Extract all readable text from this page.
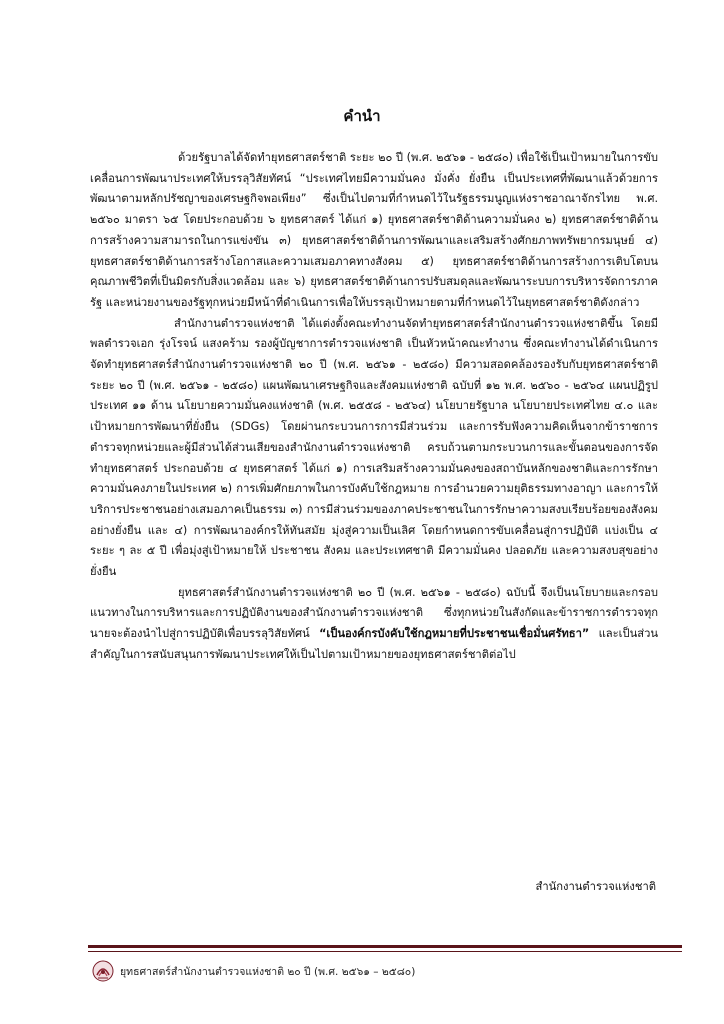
คำนำ

ด้วยรัฐบาลได้จัดทำยุทธศาสตร์ชาติ ระยะ ๒๐ ปี (พ.ศ. ๒๕๖๑ - ๒๕๘๐) เพื่อใช้เป็นเป้าหมายในการขับเคลื่อนการพัฒนาประเทศให้บรรลุวิสัยทัศน์ “ประเทศไทยมีความมั่นคง มั่งคั่ง ยั่งยืน เป็นประเทศที่พัฒนาแล้วด้วยการพัฒนาตามหลักปรัชญาของเศรษฐกิจพอเพียง” ซึ่งเป็นไปตามที่กำหนดไว้ในรัฐธรรมนูญแห่งราชอาณาจักรไทย พ.ศ. ๒๕๖๐ มาตรา ๖๕ โดยประกอบด้วย ๖ ยุทธศาสตร์ ได้แก่ ๑) ยุทธศาสตร์ชาติด้านความมั่นคง ๒) ยุทธศาสตร์ชาติด้านการสร้างความสามารถในการแข่งขัน ๓) ยุทธศาสตร์ชาติด้านการพัฒนาและเสริมสร้างศักยภาพทรัพยากรมนุษย์ ๔) ยุทธศาสตร์ชาติด้านการสร้างโอกาสและความเสมอภาคทางสังคม ๕) ยุทธศาสตร์ชาติด้านการสร้างการเติบโตบนคุณภาพชีวิตที่เป็นมิตรกับสิ่งแวดล้อม และ ๖) ยุทธศาสตร์ชาติด้านการปรับสมดุลและพัฒนาระบบการบริหารจัดการภาครัฐ และหน่วยงานของรัฐทุกหน่วยมีหน้าที่ดำเนินการเพื่อให้บรรลุเป้าหมายตามที่กำหนดไว้ในยุทธศาสตร์ชาติดังกล่าว

สำนักงานตำรวจแห่งชาติ ได้แต่งตั้งคณะทำงานจัดทำยุทธศาสตร์สำนักงานตำรวจแห่งชาติขึ้น โดยมี พลตำรวจเอก รุ่งโรจน์ แสงคร้าม รองผู้บัญชาการตำรวจแห่งชาติ เป็นหัวหน้าคณะทำงาน ซึ่งคณะทำงานได้ดำเนินการจัดทำยุทธศาสตร์สำนักงานตำรวจแห่งชาติ ๒๐ ปี (พ.ศ. ๒๕๖๑ - ๒๕๘๐) มีความสอดคล้องรองรับกับยุทธศาสตร์ชาติระยะ ๒๐ ปี (พ.ศ. ๒๕๖๑ - ๒๕๘๐) แผนพัฒนาเศรษฐกิจและสังคมแห่งชาติ ฉบับที่ ๑๒ พ.ศ. ๒๕๖๐ - ๒๕๖๔ แผนปฏิรูปประเทศ ๑๑ ด้าน นโยบายความมั่นคงแห่งชาติ (พ.ศ. ๒๕๕๘ - ๒๕๖๔) นโยบายรัฐบาล นโยบายประเทศไทย ๔.๐ และเป้าหมายการพัฒนาที่ยั่งยืน (SDGs) โดยผ่านกระบวนการการมีส่วนร่วม และการรับฟังความคิดเห็นจากข้าราชการตำรวจทุกหน่วยและผู้มีส่วนได้ส่วนเสียของสำนักงานตำรวจแห่งชาติ ครบถ้วนตามกระบวนการและขั้นตอนของการจัดทำยุทธศาสตร์ ประกอบด้วย ๔ ยุทธศาสตร์ ได้แก่ ๑) การเสริมสร้างความมั่นคงของสถาบันหลักของชาติและการรักษาความมั่นคงภายในประเทศ ๒) การเพิ่มศักยภาพในการบังคับใช้กฎหมาย การอำนวยความยุติธรรมทางอาญา และการให้บริการประชาชนอย่างเสมอภาคเป็นธรรม ๓) การมีส่วนร่วมของภาคประชาชนในการรักษาความสงบเรียบร้อยของสังคมอย่างยั่งยืน และ ๔) การพัฒนาองค์กรให้ทันสมัย มุ่งสู่ความเป็นเลิศ โดยกำหนดการขับเคลื่อนสู่การปฏิบัติ แบ่งเป็น ๔ ระยะ ๆ ละ ๕ ปี เพื่อมุ่งสู่เป้าหมายให้ ประชาชน สังคม และประเทศชาติ มีความมั่นคง ปลอดภัย และความสงบสุขอย่างยั่งยืน

ยุทธศาสตร์สำนักงานตำรวจแห่งชาติ ๒๐ ปี (พ.ศ. ๒๕๖๑ - ๒๕๘๐) ฉบับนี้ จึงเป็นนโยบายและกรอบแนวทางในการบริหารและการปฏิบัติงานของสำนักงานตำรวจแห่งชาติ ซึ่งทุกหน่วยในสังกัดและข้าราชการตำรวจทุกนายจะต้องนำไปสู่การปฏิบัติเพื่อบรรลุวิสัยทัศน์ “เป็นองค์กรบังคับใช้กฎหมายที่ประชาชนเชื่อมั่นศรัทธา” และเป็นส่วนสำคัญในการสนับสนุนการพัฒนาประเทศให้เป็นไปตามเป้าหมายของยุทธศาสตร์ชาติต่อไป

สำนักงานตำรวจแห่งชาติ
ยุทธศาสตร์สำนักงานตำรวจแห่งชาติ ๒๐ ปี (พ.ศ. ๒๕๖๑ – ๒๕๘๐)
